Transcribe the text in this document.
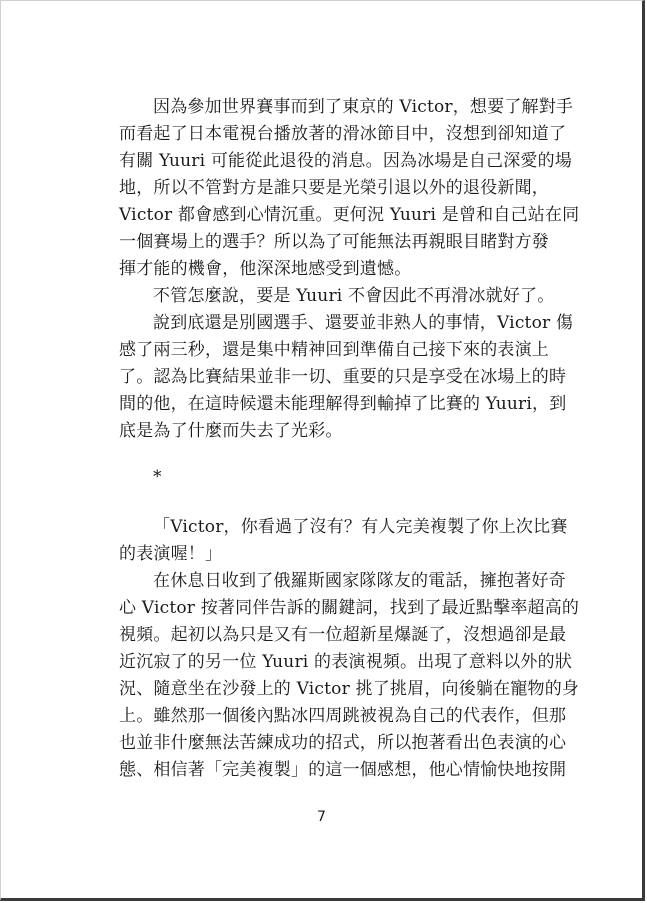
因為參加世界賽事而到了東京的 Victor，想要了解對手
而看起了日本電視台播放著的滑冰節目中，沒想到卻知道了
有關 Yuuri 可能從此退役的消息。因為冰場是自己深愛的場
地，所以不管對方是誰只要是光榮引退以外的退役新聞，
Victor 都會感到心情沉重。更何況 Yuuri 是曾和自己站在同
一個賽場上的選手？所以為了可能無法再親眼目睹對方發
揮才能的機會，他深深地感受到遺憾。
不管怎麼說，要是 Yuuri 不會因此不再滑冰就好了。
說到底還是別國選手、還要並非熟人的事情，Victor 傷
感了兩三秒，還是集中精神回到準備自己接下來的表演上
了。認為比賽結果並非一切、重要的只是享受在冰場上的時
間的他，在這時候還未能理解得到輸掉了比賽的 Yuuri，到
底是為了什麼而失去了光彩。
*
「Victor，你看過了沒有？有人完美複製了你上次比賽
的表演喔！」
在休息日收到了俄羅斯國家隊隊友的電話，擁抱著好奇
心 Victor 按著同伴告訴的關鍵詞，找到了最近點擊率超高的
視頻。起初以為只是又有一位超新星爆誕了，沒想過卻是最
近沉寂了的另一位 Yuuri 的表演視頻。出現了意料以外的狀
況、隨意坐在沙發上的 Victor 挑了挑眉，向後躺在寵物的身
上。雖然那一個後內點冰四周跳被視為自己的代表作，但那
也並非什麼無法苦練成功的招式，所以抱著看出色表演的心
態、相信著「完美複製」的這一個感想，他心情愉快地按開
7
